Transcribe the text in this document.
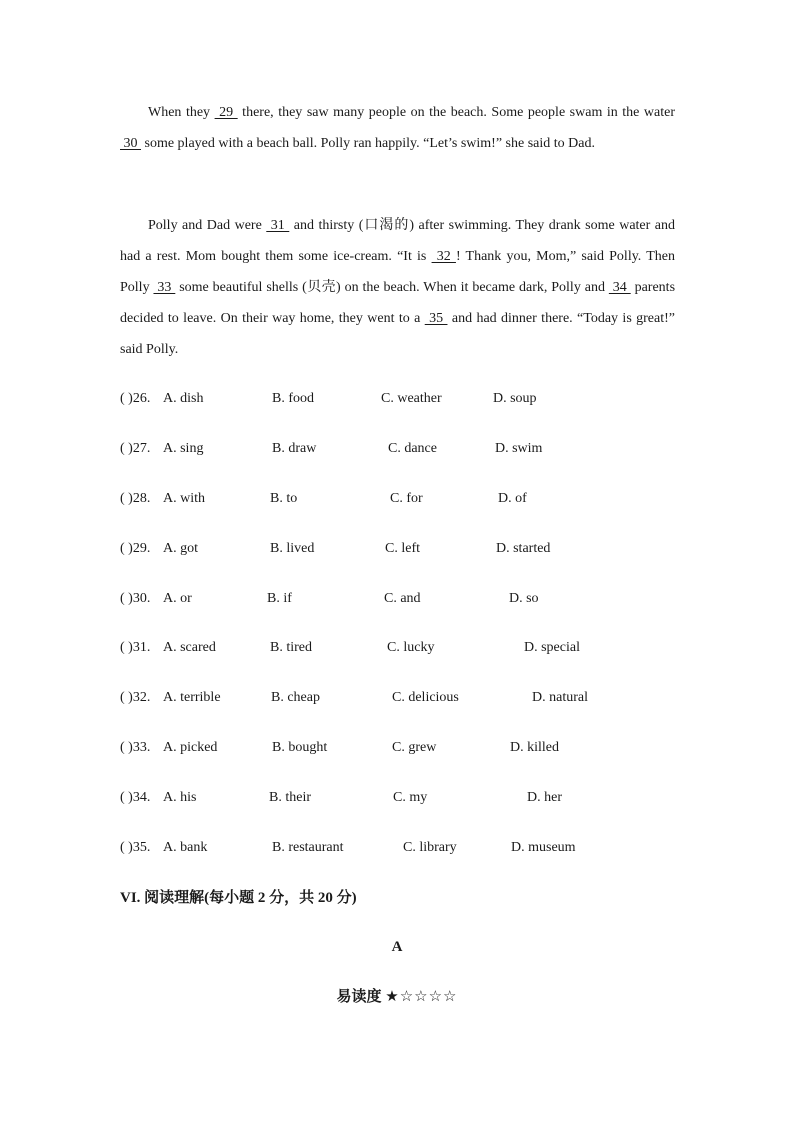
When they  29  there, they saw many people on the beach. Some people swam in the water  30  some played with a beach ball. Polly ran happily. “Let’s swim!” she said to Dad.
Polly and Dad were  31  and thirsty (口渴的) after swimming. They drank some water and had a rest. Mom bought them some ice-cream. “It is  32 ! Thank you, Mom,” said Polly. Then Polly  33  some beautiful shells (贝壳) on the beach. When it became dark, Polly and  34  parents decided to leave. On their way home, they went to a  35  and had dinner there. “Today is great!” said Polly.
( )26. A. dish	B. food	C. weather	D. soup
( )27. A. sing	B. draw	C. dance	D. swim
( )28. A. with	B. to	C. for	D. of
( )29. A. got	B. lived	C. left	D. started
( )30. A. or	B. if	C. and	D. so
( )31. A. scared	B. tired	C. lucky	D. special
( )32. A. terrible	B. cheap	C. delicious	D. natural
( )33. A. picked	B. bought	C. grew	D. killed
( )34. A. his	B. their	C. my	D. her
( )35. A. bank	B. restaurant	C. library	D. museum
VI. 阅读理解(每小题 2 分，共 20 分)
A
易读度 ★☆☆☆☆
